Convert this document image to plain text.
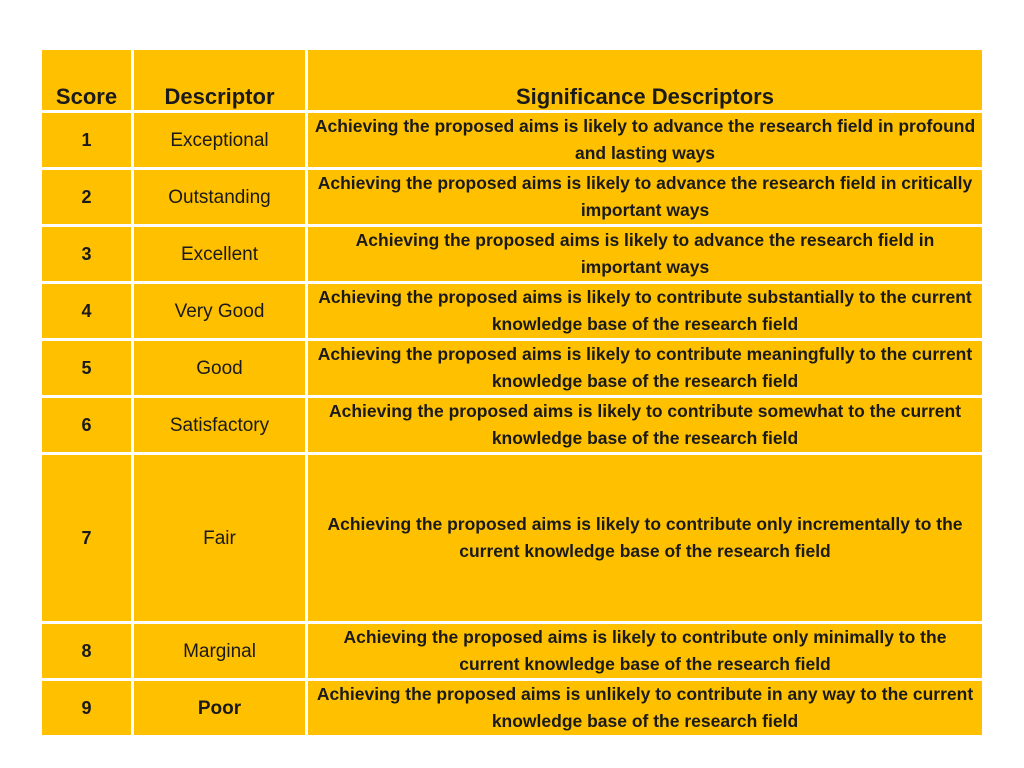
Score	Descriptor	Significance Descriptors
1	Exceptional	Achieving the proposed aims is likely to advance the research field in profound and lasting ways
2	Outstanding	Achieving the proposed aims is likely to advance the research field in critically important ways
3	Excellent	Achieving the proposed aims is likely to advance the research field in important ways
4	Very Good	Achieving the proposed aims is likely to contribute substantially to the current knowledge base of the research field
5	Good	Achieving the proposed aims is likely to contribute meaningfully to the current knowledge base of the research field
6	Satisfactory	Achieving the proposed aims is likely to contribute somewhat to the current knowledge base of the research field
7	Fair	Achieving the proposed aims is likely to contribute only incrementally to the current knowledge base of the research field
8	Marginal	Achieving the proposed aims is likely to contribute only minimally to the current knowledge base of the research field
9	Poor	Achieving the proposed aims is unlikely to contribute in any way to the current knowledge base of the research field
